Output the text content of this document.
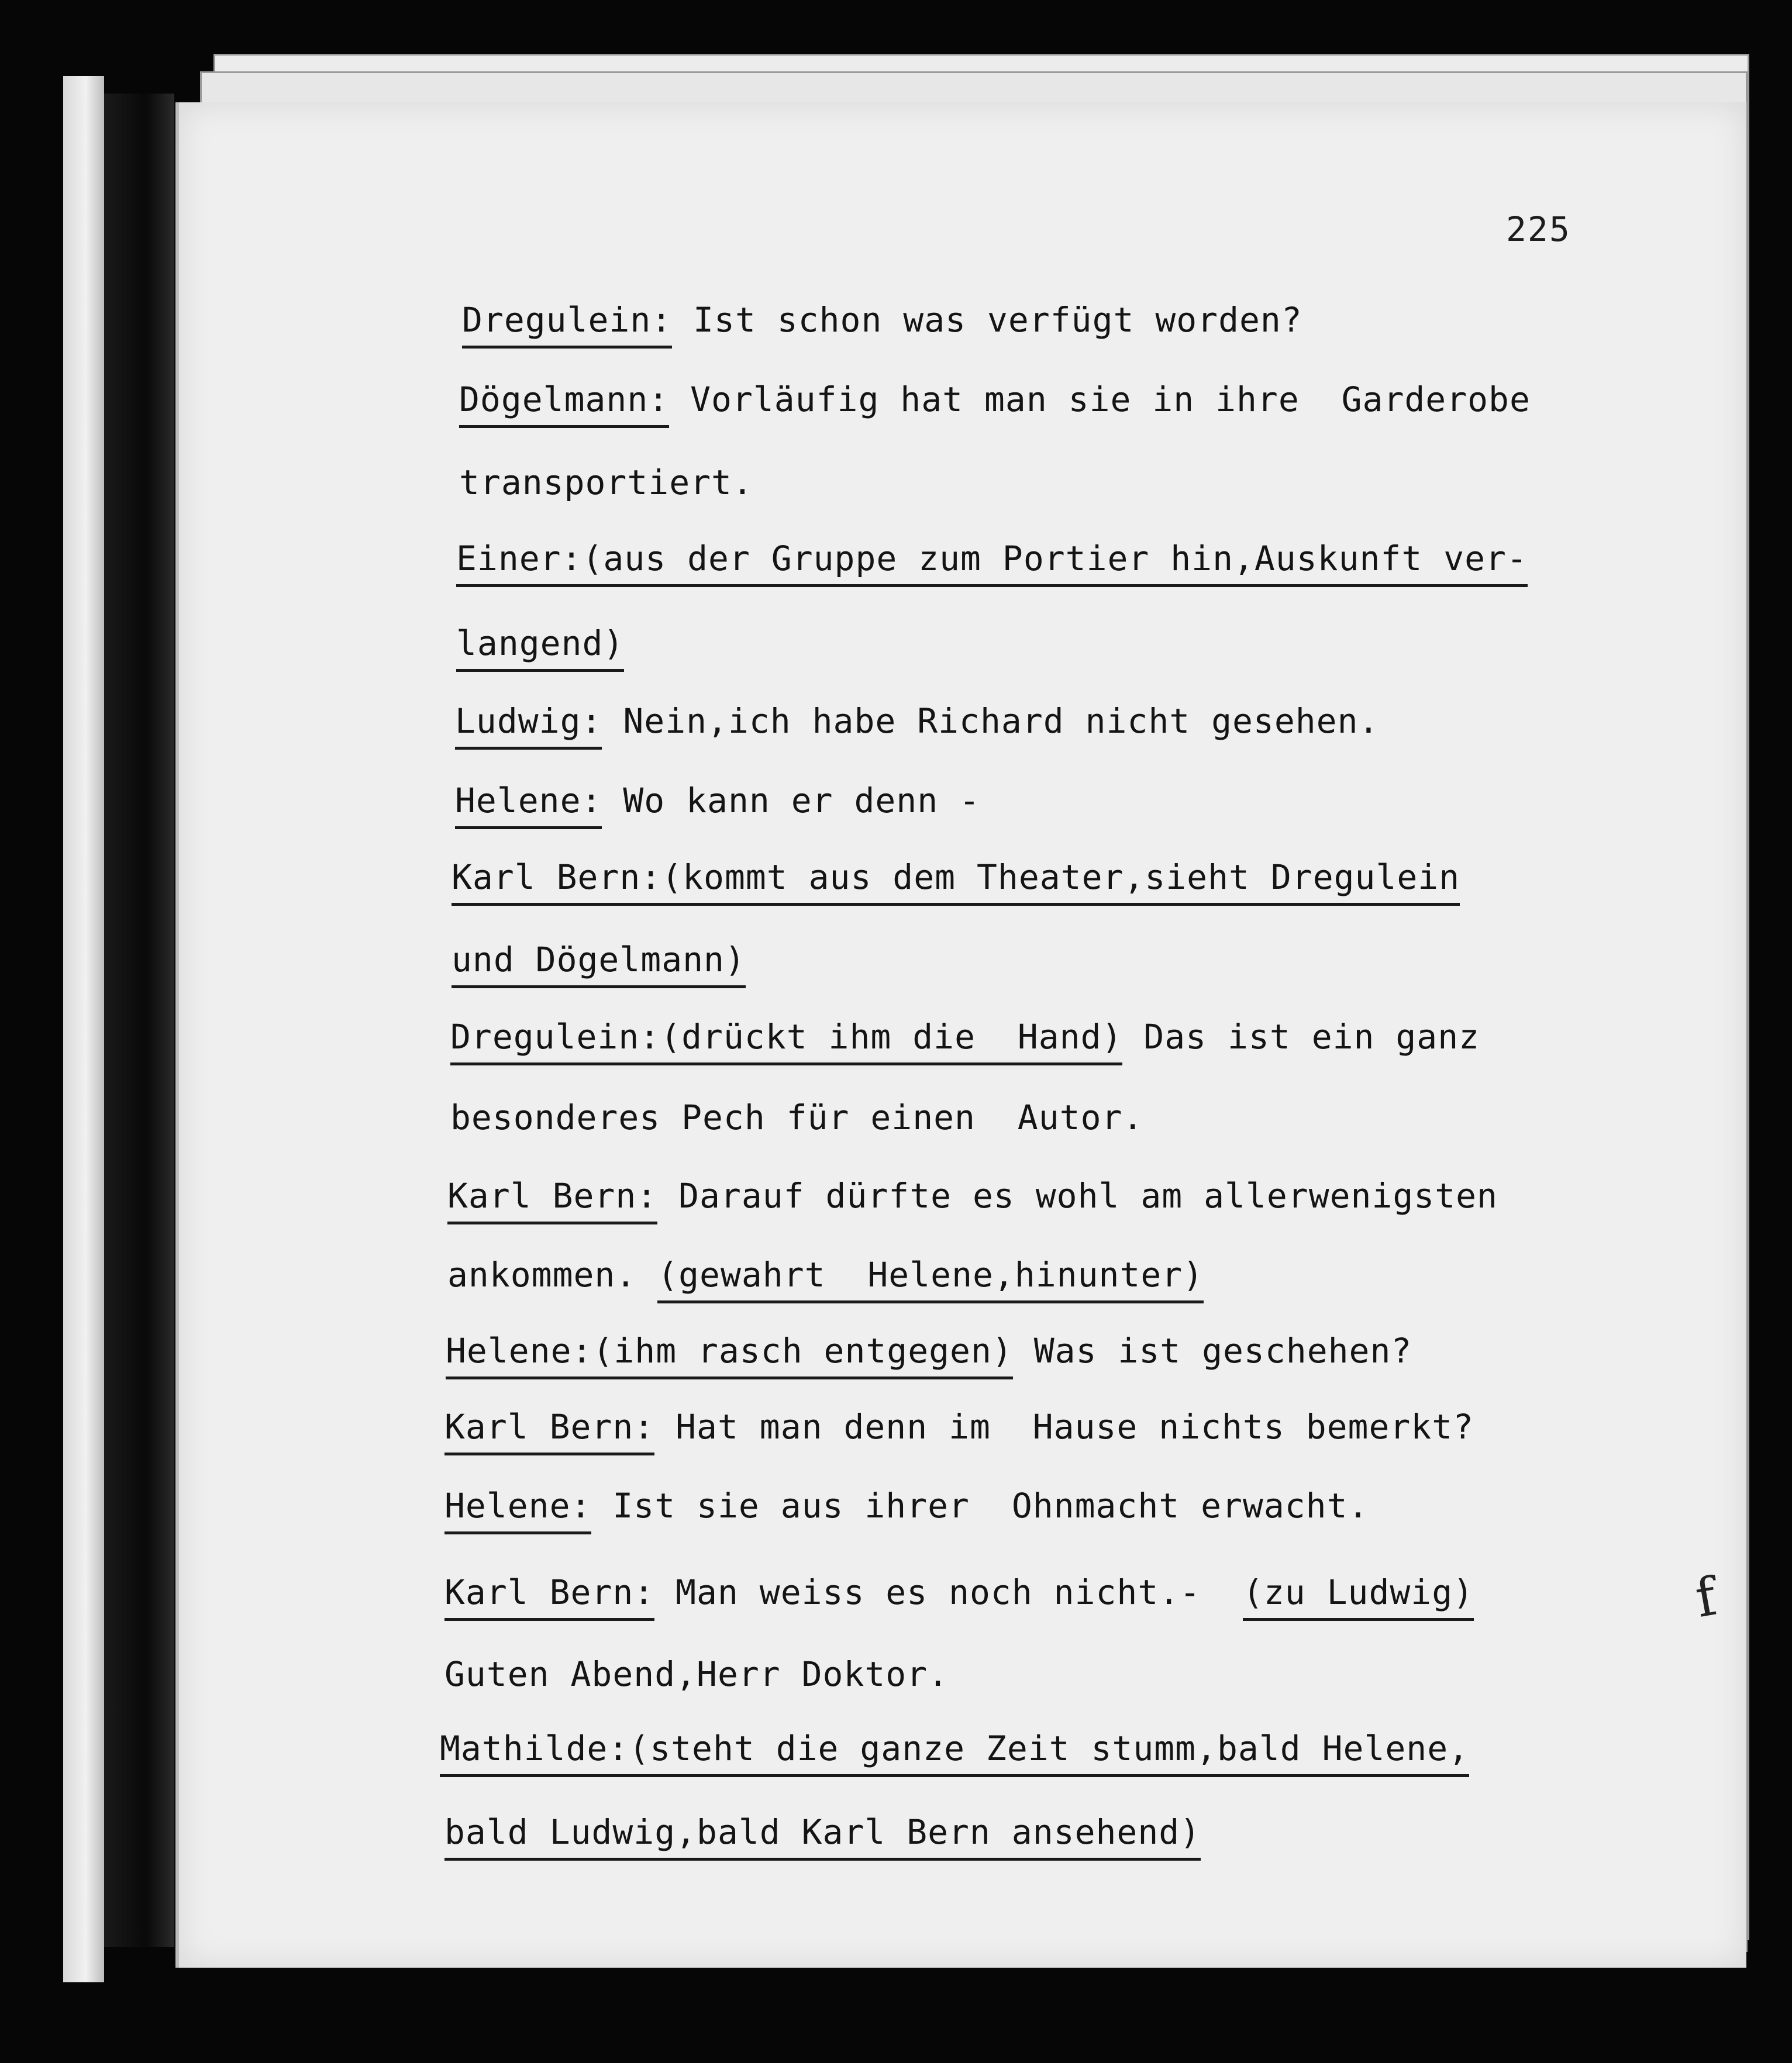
225
Dregulein: Ist schon was verfügt worden?
Dögelmann: Vorläufig hat man sie in ihre  Garderobe
transportiert.
Einer:(aus der Gruppe zum Portier hin,Auskunft ver-
langend)
Ludwig: Nein,ich habe Richard nicht gesehen.
Helene: Wo kann er denn -
Karl Bern:(kommt aus dem Theater,sieht Dregulein
und Dögelmann)
Dregulein:(drückt ihm die  Hand) Das ist ein ganz
besonderes Pech für einen  Autor.
Karl Bern: Darauf dürfte es wohl am allerwenigsten
ankommen. (gewahrt  Helene,hinunter)
Helene:(ihm rasch entgegen) Was ist geschehen?
Karl Bern: Hat man denn im  Hause nichts bemerkt?
Helene: Ist sie aus ihrer  Ohnmacht erwacht.
Karl Bern: Man weiss es noch nicht.-  (zu Ludwig)
Guten Abend,Herr Doktor.
Mathilde:(steht die ganze Zeit stumm,bald Helene,
bald Ludwig,bald Karl Bern ansehend)
f
